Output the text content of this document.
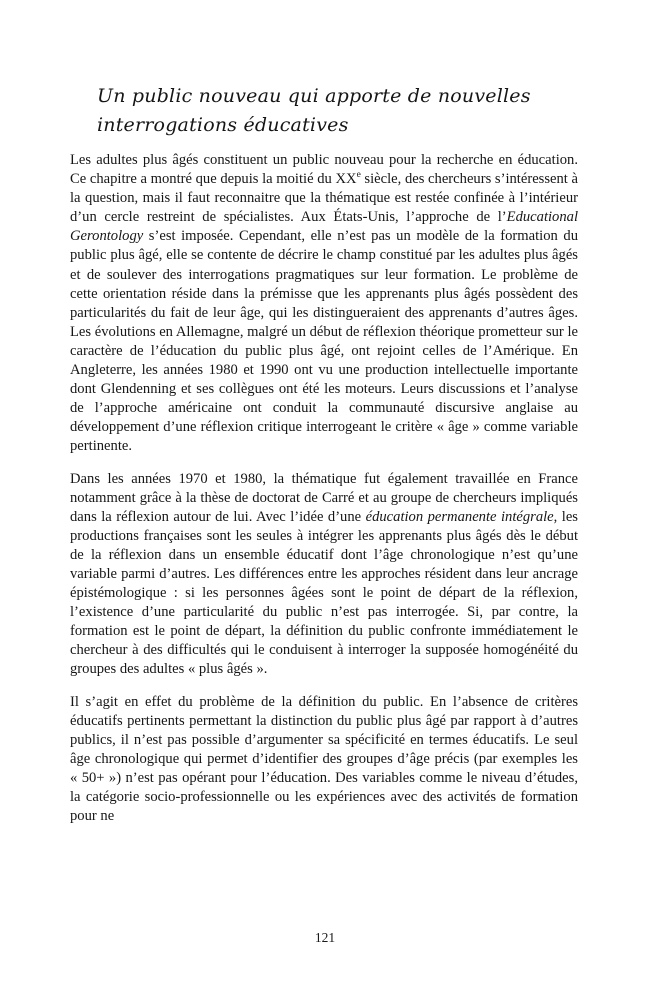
Un public nouveau qui apporte de nouvelles
interrogations éducatives

Les adultes plus âgés constituent un public nouveau pour la recherche en éducation. Ce chapitre a montré que depuis la moitié du XXe siècle, des chercheurs s’intéressent à la question, mais il faut reconnaitre que la thématique est restée confinée à l’intérieur d’un cercle restreint de spécialistes. Aux États-Unis, l’approche de l’Educational Gerontology s’est imposée. Cependant, elle n’est pas un modèle de la formation du public plus âgé, elle se contente de décrire le champ constitué par les adultes plus âgés et de soulever des interrogations pragmatiques sur leur formation. Le problème de cette orientation réside dans la prémisse que les apprenants plus âgés possèdent des particularités du fait de leur âge, qui les distingueraient des apprenants d’autres âges. Les évolutions en Allemagne, malgré un début de réflexion théorique prometteur sur le caractère de l’éducation du public plus âgé, ont rejoint celles de l’Amérique. En Angleterre, les années 1980 et 1990 ont vu une production intellectuelle importante dont Glendenning et ses collègues ont été les moteurs. Leurs discussions et l’analyse de l’approche américaine ont conduit la communauté discursive anglaise au développement d’une réflexion critique interrogeant le critère « âge » comme variable pertinente.

Dans les années 1970 et 1980, la thématique fut également travaillée en France notamment grâce à la thèse de doctorat de Carré et au groupe de chercheurs impliqués dans la réflexion autour de lui. Avec l’idée d’une éducation permanente intégrale, les productions françaises sont les seules à intégrer les apprenants plus âgés dès le début de la réflexion dans un ensemble éducatif dont l’âge chronologique n’est qu’une variable parmi d’autres. Les différences entre les approches résident dans leur ancrage épistémologique : si les personnes âgées sont le point de départ de la réflexion, l’existence d’une particularité du public n’est pas interrogée. Si, par contre, la formation est le point de départ, la définition du public confronte immédiatement le chercheur à des difficultés qui le conduisent à interroger la supposée homogénéité du groupes des adultes « plus âgés ».

Il s’agit en effet du problème de la définition du public. En l’absence de critères éducatifs pertinents permettant la distinction du public plus âgé par rapport à d’autres publics, il n’est pas possible d’argumenter sa spécificité en termes éducatifs. Le seul âge chronologique qui permet d’identifier des groupes d’âge précis (par exemples les « 50+ ») n’est pas opérant pour l’éducation. Des variables comme le niveau d’études, la catégorie socio-professionnelle ou les expériences avec des activités de formation pour ne

121
